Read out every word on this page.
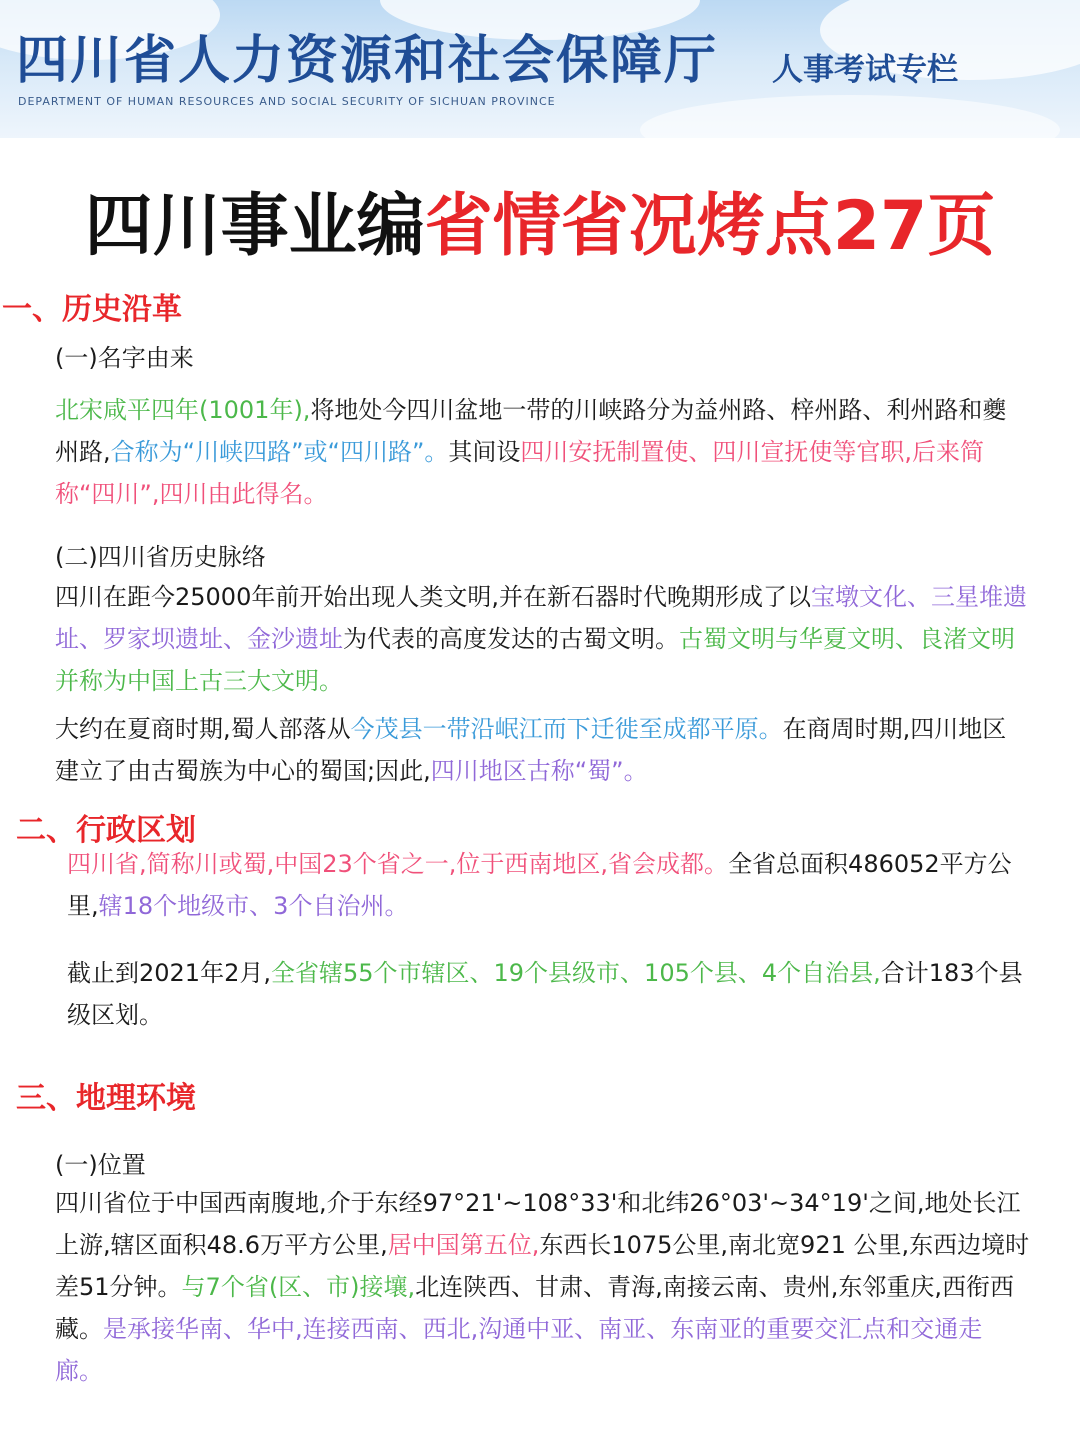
四川省人力资源和社会保障厅
DEPARTMENT OF HUMAN RESOURCES AND SOCIAL SECURITY OF SICHUAN PROVINCE
人事考试专栏
四川事业编省情省况烤点27页
一、历史沿革
(一)名字由来
北宋咸平四年(1001年),将地处今四川盆地一带的川峡路分为益州路、梓州路、利州路和夔州路,合称为“川峡四路”或“四川路”。其间设四川安抚制置使、四川宣抚使等官职,后来简称“四川”,四川由此得名。
(二)四川省历史脉络
四川在距今25000年前开始出现人类文明,并在新石器时代晚期形成了以宝墩文化、三星堆遗址、罗家坝遗址、金沙遗址为代表的高度发达的古蜀文明。古蜀文明与华夏文明、良渚文明并称为中国上古三大文明。
大约在夏商时期,蜀人部落从今茂县一带沿岷江而下迁徙至成都平原。在商周时期,四川地区建立了由古蜀族为中心的蜀国;因此,四川地区古称“蜀”。
二、行政区划
四川省,简称川或蜀,中国23个省之一,位于西南地区,省会成都。全省总面积486052平方公里,辖18个地级市、3个自治州。
截止到2021年2月,全省辖55个市辖区、19个县级市、105个县、4个自治县,合计183个县级区划。
三、地理环境
(一)位置
四川省位于中国西南腹地,介于东经97°21'~108°33'和北纬26°03'~34°19'之间,地处长江上游,辖区面积48.6万平方公里,居中国第五位,东西长1075公里,南北宽921 公里,东西边境时差51分钟。与7个省(区、市)接壤,北连陕西、甘肃、青海,南接云南、贵州,东邻重庆,西衔西藏。是承接华南、华中,连接西南、西北,沟通中亚、南亚、东南亚的重要交汇点和交通走廊。
